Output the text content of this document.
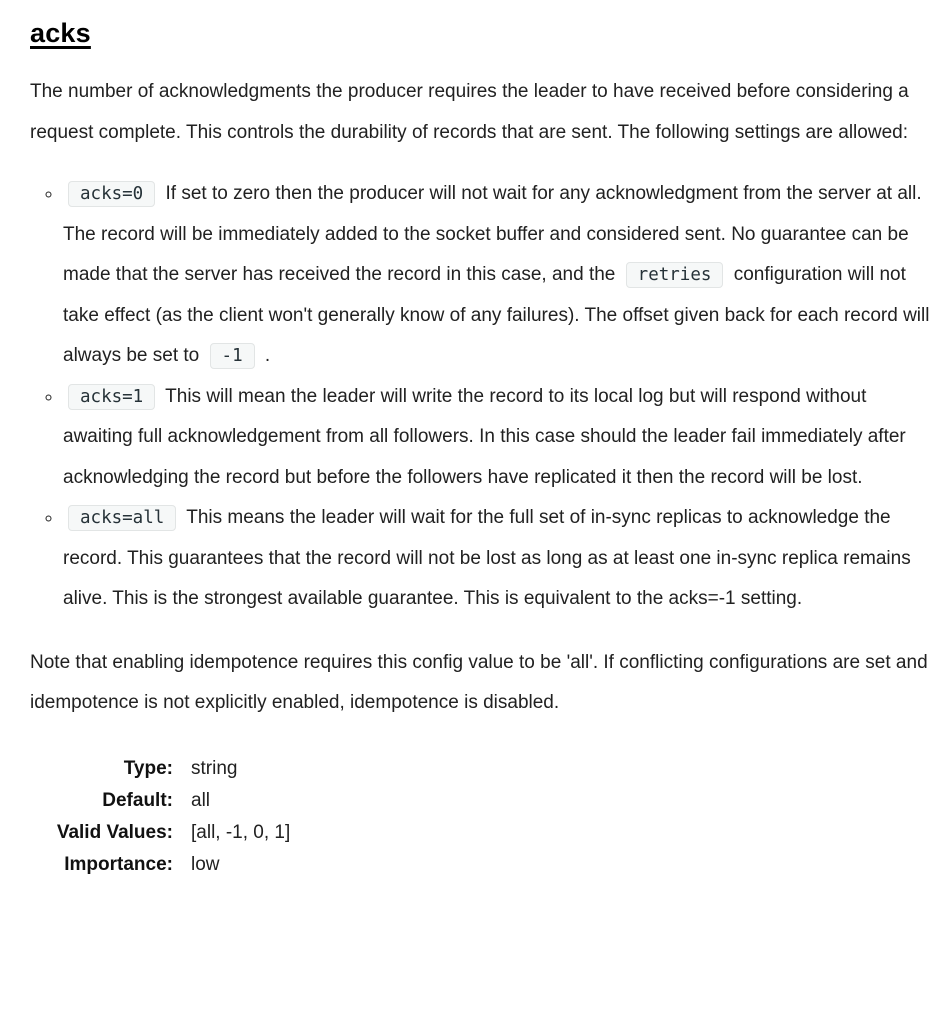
acks

The number of acknowledgments the producer requires the leader to have received before considering a request complete. This controls the durability of records that are sent. The following settings are allowed:

◦ acks=0 If set to zero then the producer will not wait for any acknowledgment from the server at all. The record will be immediately added to the socket buffer and considered sent. No guarantee can be made that the server has received the record in this case, and the retries configuration will not take effect (as the client won't generally know of any failures). The offset given back for each record will always be set to -1 .
◦ acks=1 This will mean the leader will write the record to its local log but will respond without awaiting full acknowledgement from all followers. In this case should the leader fail immediately after acknowledging the record but before the followers have replicated it then the record will be lost.
◦ acks=all This means the leader will wait for the full set of in-sync replicas to acknowledge the record. This guarantees that the record will not be lost as long as at least one in-sync replica remains alive. This is the strongest available guarantee. This is equivalent to the acks=-1 setting.

Note that enabling idempotence requires this config value to be 'all'. If conflicting configurations are set and idempotence is not explicitly enabled, idempotence is disabled.

Type:	string
Default:	all
Valid Values:	[all, -1, 0, 1]
Importance:	low
